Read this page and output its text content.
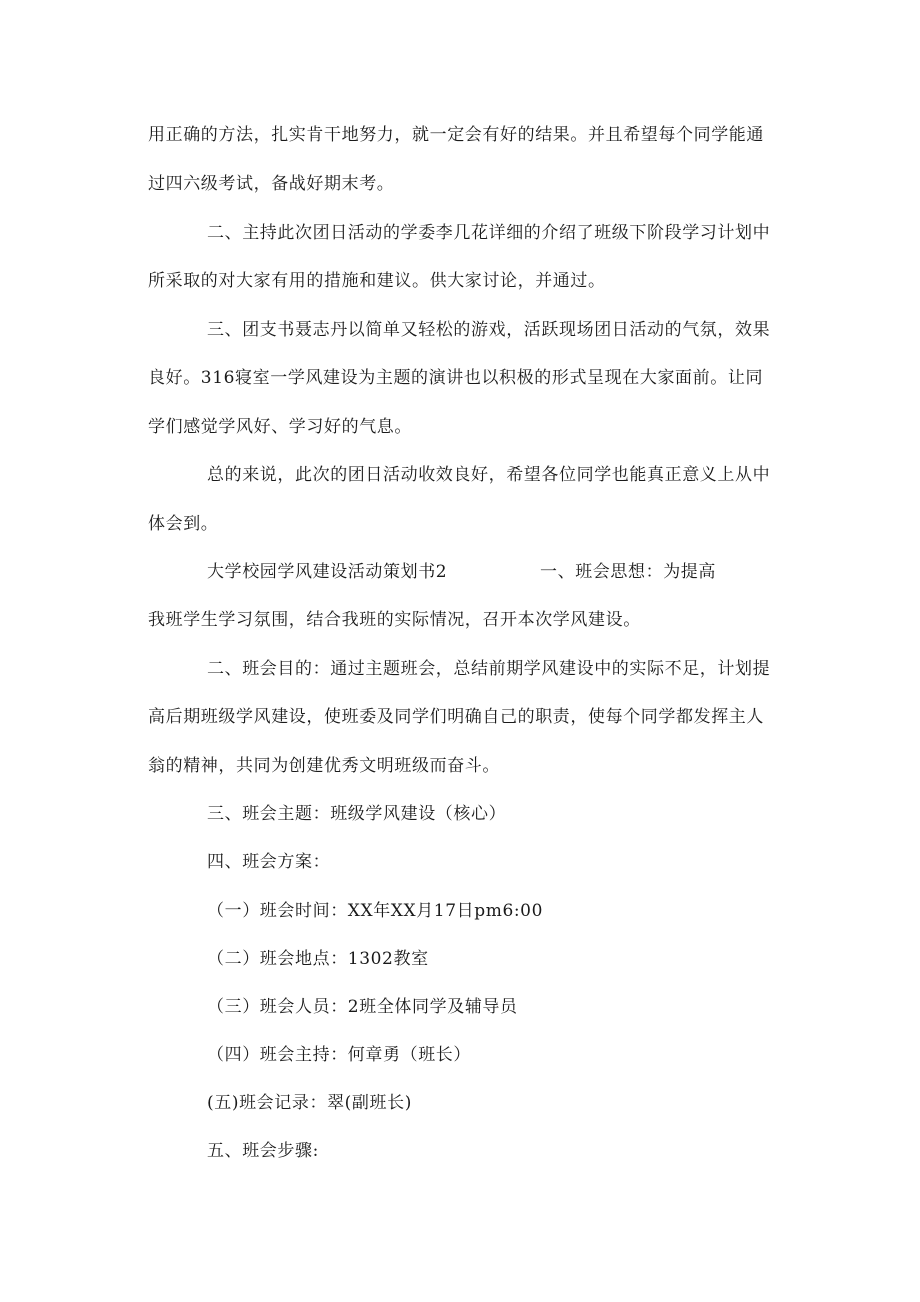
用正确的方法，扎实肯干地努力，就一定会有好的结果。并且希望每个同学能通
过四六级考试，备战好期末考。
二、主持此次团日活动的学委李几花详细的介绍了班级下阶段学习计划中
所采取的对大家有用的措施和建议。供大家讨论，并通过。
三、团支书聂志丹以简单又轻松的游戏，活跃现场团日活动的气氛，效果
良好。316寝室一学风建设为主题的演讲也以积极的形式呈现在大家面前。让同
学们感觉学风好、学习好的气息。
总的来说，此次的团日活动收效良好，希望各位同学也能真正意义上从中
体会到。
大学校园学风建设活动策划书2	一、班会思想：为提高
我班学生学习氛围，结合我班的实际情况，召开本次学风建设。
二、班会目的：通过主题班会，总结前期学风建设中的实际不足，计划提
高后期班级学风建设，使班委及同学们明确自己的职责，使每个同学都发挥主人
翁的精神，共同为创建优秀文明班级而奋斗。
三、班会主题：班级学风建设（核心）
四、班会方案：
（一）班会时间：XX年XX月17日pm6:00
（二）班会地点：1302教室
（三）班会人员：2班全体同学及辅导员
（四）班会主持：何章勇（班长）
(五)班会记录：翠(副班长)
五、班会步骤:
